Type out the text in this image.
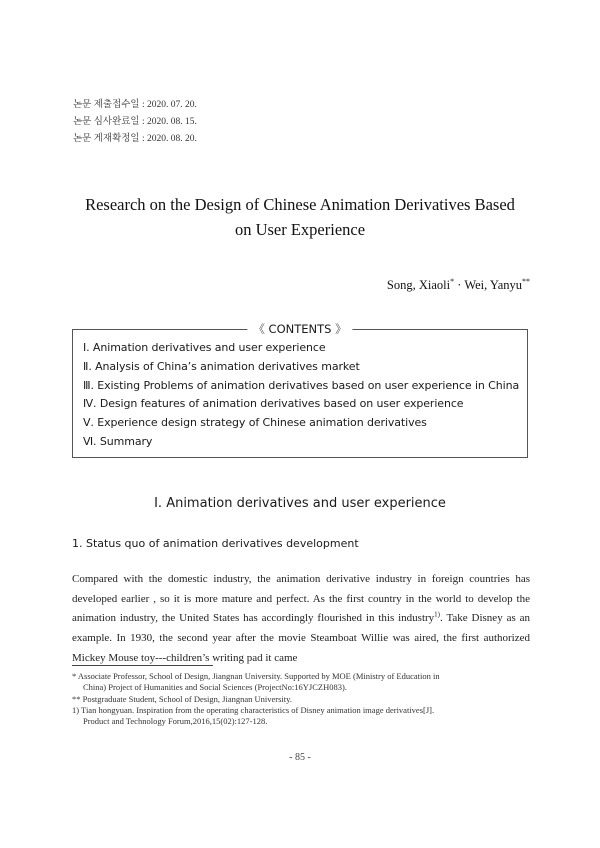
논문 제출접수일 : 2020. 07. 20.
논문 심사완료일 : 2020. 08. 15.
논문 게재확정일 : 2020. 08. 20.
Research on the Design of Chinese Animation Derivatives Based
on User Experience
Song, Xiaoli* · Wei, Yanyu**
《 CONTENTS 》
Ⅰ. Animation derivatives and user experience
Ⅱ. Analysis of China’s animation derivatives market
Ⅲ. Existing Problems of animation derivatives based on user experience in China
Ⅳ. Design features of animation derivatives based on user experience
Ⅴ. Experience design strategy of Chinese animation derivatives
Ⅵ. Summary
Ⅰ. Animation derivatives and user experience
1. Status quo of animation derivatives development
Compared with the domestic industry, the animation derivative industry in foreign countries has developed earlier , so it is more mature and perfect. As the first country in the world to develop the animation industry, the United States has accordingly flourished in this industry$^{1)}$. Take Disney as an example. In 1930, the second year after the movie Steamboat Willie was aired, the first authorized Mickey Mouse toy---children’s writing pad it came
* Associate Professor, School of Design, Jiangnan University. Supported by MOE (Ministry of Education in
China) Project of Humanities and Social Sciences (ProjectNo:16YJCZH083).
** Postgraduate Student, School of Design, Jiangnan University.
1) Tian hongyuan. Inspiration from the operating characteristics of Disney animation image derivatives[J].
Product and Technology Forum,2016,15(02):127-128.
- 85 -
